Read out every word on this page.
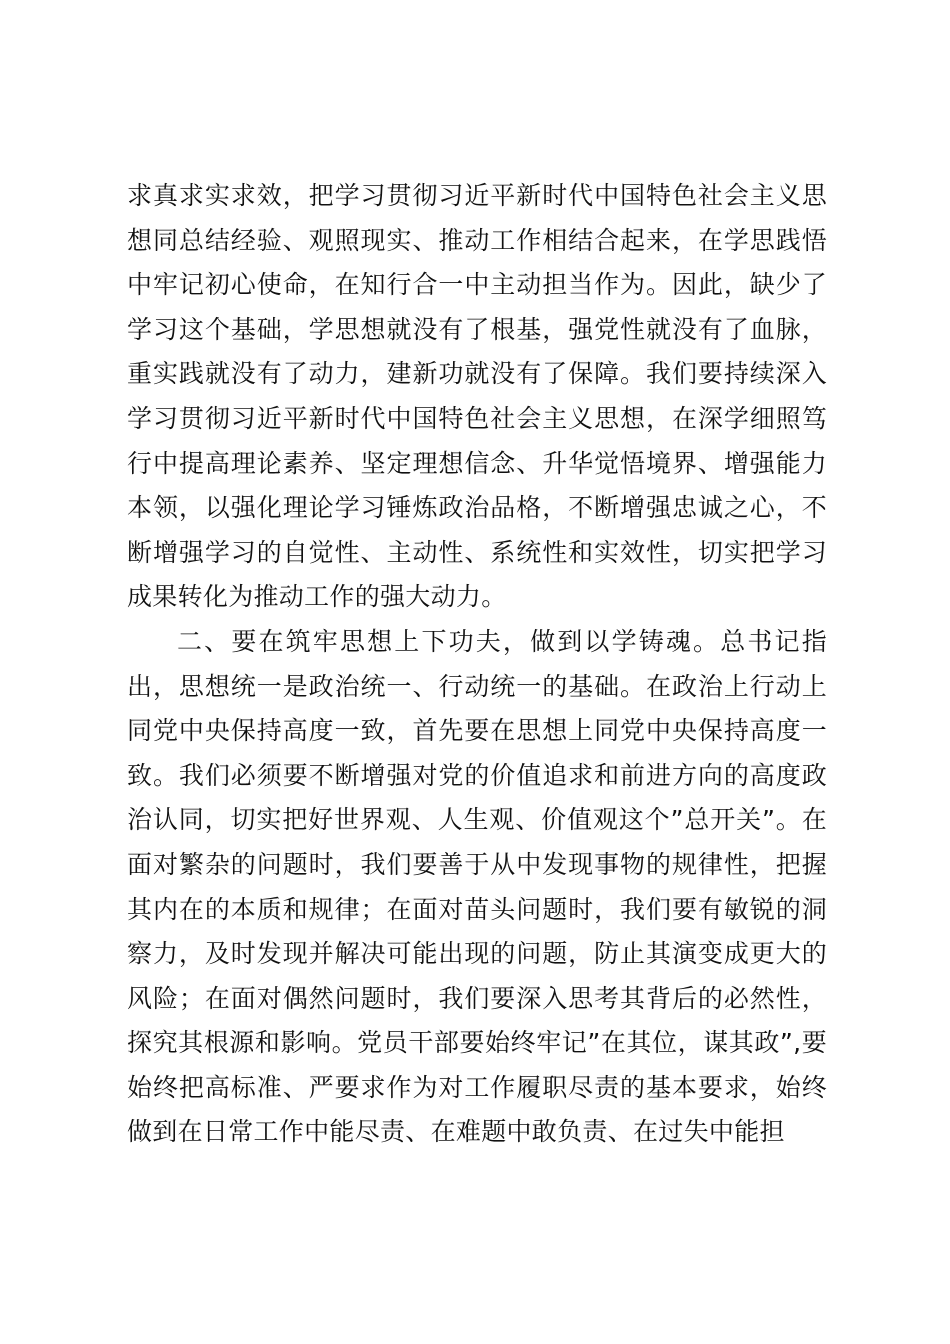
求真求实求效，把学习贯彻习近平新时代中国特色社会主义思想同总结经验、观照现实、推动工作相结合起来，在学思践悟中牢记初心使命，在知行合一中主动担当作为。因此，缺少了学习这个基础，学思想就没有了根基，强党性就没有了血脉，重实践就没有了动力，建新功就没有了保障。我们要持续深入学习贯彻习近平新时代中国特色社会主义思想，在深学细照笃行中提高理论素养、坚定理想信念、升华觉悟境界、增强能力本领，以强化理论学习锤炼政治品格，不断增强忠诚之心，不断增强学习的自觉性、主动性、系统性和实效性，切实把学习成果转化为推动工作的强大动力。

二、要在筑牢思想上下功夫，做到以学铸魂。总书记指出，思想统一是政治统一、行动统一的基础。在政治上行动上同党中央保持高度一致，首先要在思想上同党中央保持高度一致。我们必须要不断增强对党的价值追求和前进方向的高度政治认同，切实把好世界观、人生观、价值观这个”总开关”。在面对繁杂的问题时，我们要善于从中发现事物的规律性，把握其内在的本质和规律；在面对苗头问题时，我们要有敏锐的洞察力，及时发现并解决可能出现的问题，防止其演变成更大的风险；在面对偶然问题时，我们要深入思考其背后的必然性，探究其根源和影响。党员干部要始终牢记”在其位，谋其政”,要始终把高标准、严要求作为对工作履职尽责的基本要求，始终做到在日常工作中能尽责、在难题中敢负责、在过失中能担
